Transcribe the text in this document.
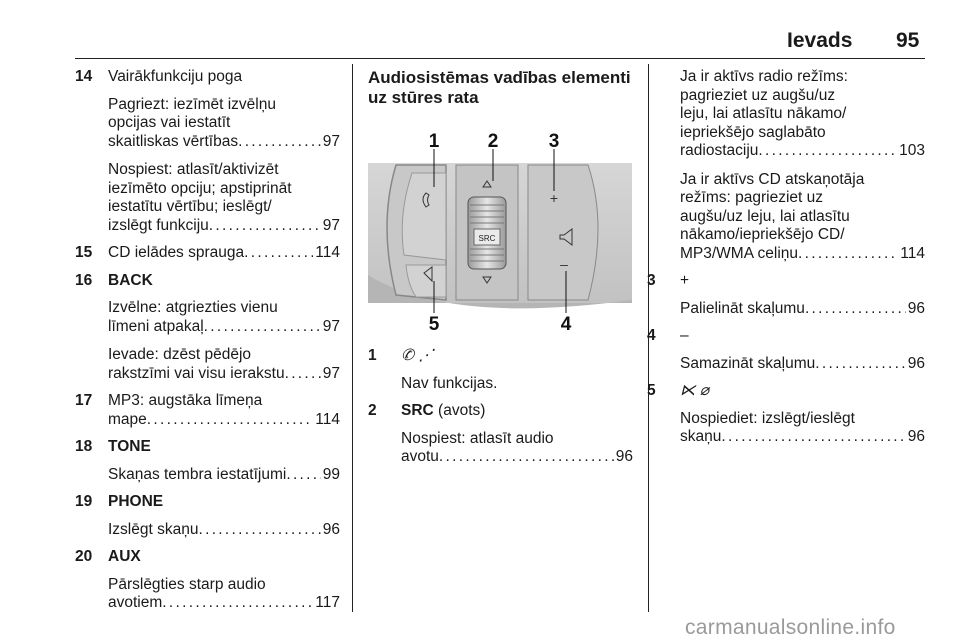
Ievads 95
14 Vairākfunkciju poga
Pagriezt: iezīmēt izvēlņu
opcijas vai iestatīt
skaitliskas vērtības . . .	97
Nospiest: atlasīt/aktivizēt
iezīmēto opciju; apstiprināt
iestatītu vērtību; ieslēgt/
izslēgt funkciju . . .	97
15 CD ielādes sprauga . . .	114
16 BACK
Izvēlne: atgriezties vienu
līmeni atpakaļ . . .	97
Ievade: dzēst pēdējo
rakstzīmi vai visu ierakstu . . . 97
17 MP3: augstāka līmeņa
mape . . .	114
18 TONE
Skaņas tembra iestatījumi . . . 99
19 PHONE
Izslēgt skaņu . . .	96
20 AUX
Pārslēgties starp audio
avotiem . . .	117
Audiosistēmas vadības elementi
uz stūres rata
SRC
+
–
1	2	3
4
5
1 ✆ ⋰
Nav funkcijas.
2 SRC (avots)
Nospiest: atlasīt audio
avotu . . .	96
Ja ir aktīvs radio režīms:
pagrieziet uz augšu/uz
leju, lai atlasītu nākamo/
iepriekšējo saglabāto
radiostaciju . . .	103
Ja ir aktīvs CD atskaņotāja
režīms: pagrieziet uz
augšu/uz leju, lai atlasītu
nākamo/iepriekšējo CD/
MP3/WMA celiņu . . .	114
3 +
Palielināt skaļumu . . .	96
4 –
Samazināt skaļumu . . .	96
5 ⋉ ⌀
Nospiediet: izslēgt/ieslēgt
skaņu . . .	96
carmanualsonline.info
